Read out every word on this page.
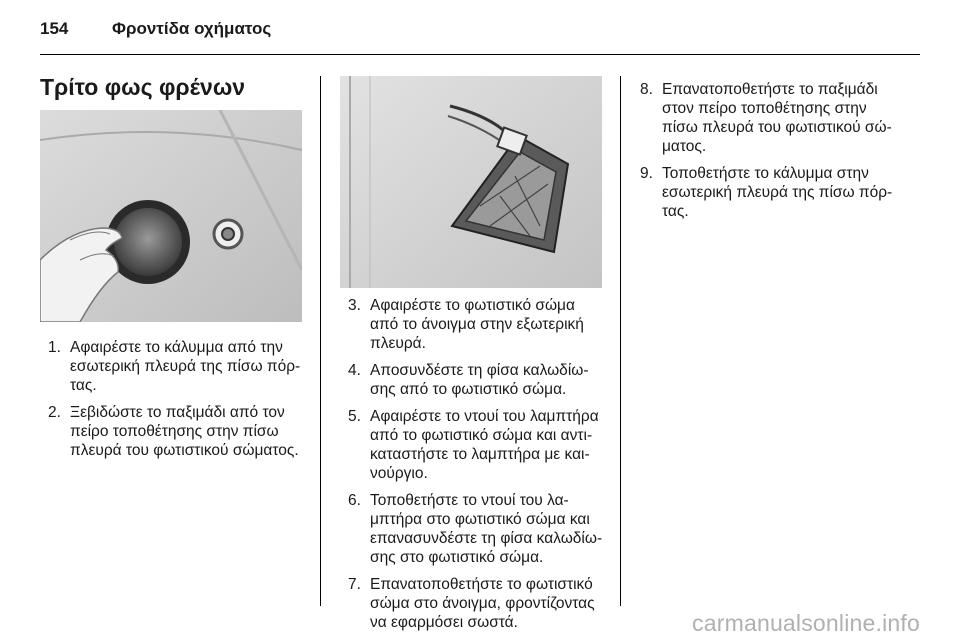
154	Φροντίδα οχήματος
Τρίτο φως φρένων
1. Αφαιρέστε το κάλυμμα από την εσωτερική πλευρά της πίσω πόρ-τας.
2. Ξεβιδώστε το παξιμάδι από τον πείρο τοποθέτησης στην πίσω πλευρά του φωτιστικού σώματος.
3. Αφαιρέστε το φωτιστικό σώμα από το άνοιγμα στην εξωτερική πλευρά.
4. Αποσυνδέστε τη φίσα καλωδίω-σης από το φωτιστικό σώμα.
5. Αφαιρέστε το ντουί του λαμπτήρα από το φωτιστικό σώμα και αντι-καταστήστε το λαμπτήρα με και-νούργιο.
6. Τοποθετήστε το ντουί του λα-μπτήρα στο φωτιστικό σώμα και επανασυνδέστε τη φίσα καλωδίω-σης στο φωτιστικό σώμα.
7. Επανατοποθετήστε το φωτιστικό σώμα στο άνοιγμα, φροντίζοντας να εφαρμόσει σωστά.
8. Επανατοποθετήστε το παξιμάδι στον πείρο τοποθέτησης στην πίσω πλευρά του φωτιστικού σώ-ματος.
9. Τοποθετήστε το κάλυμμα στην εσωτερική πλευρά της πίσω πόρ-τας.
carmanualsonline.info
